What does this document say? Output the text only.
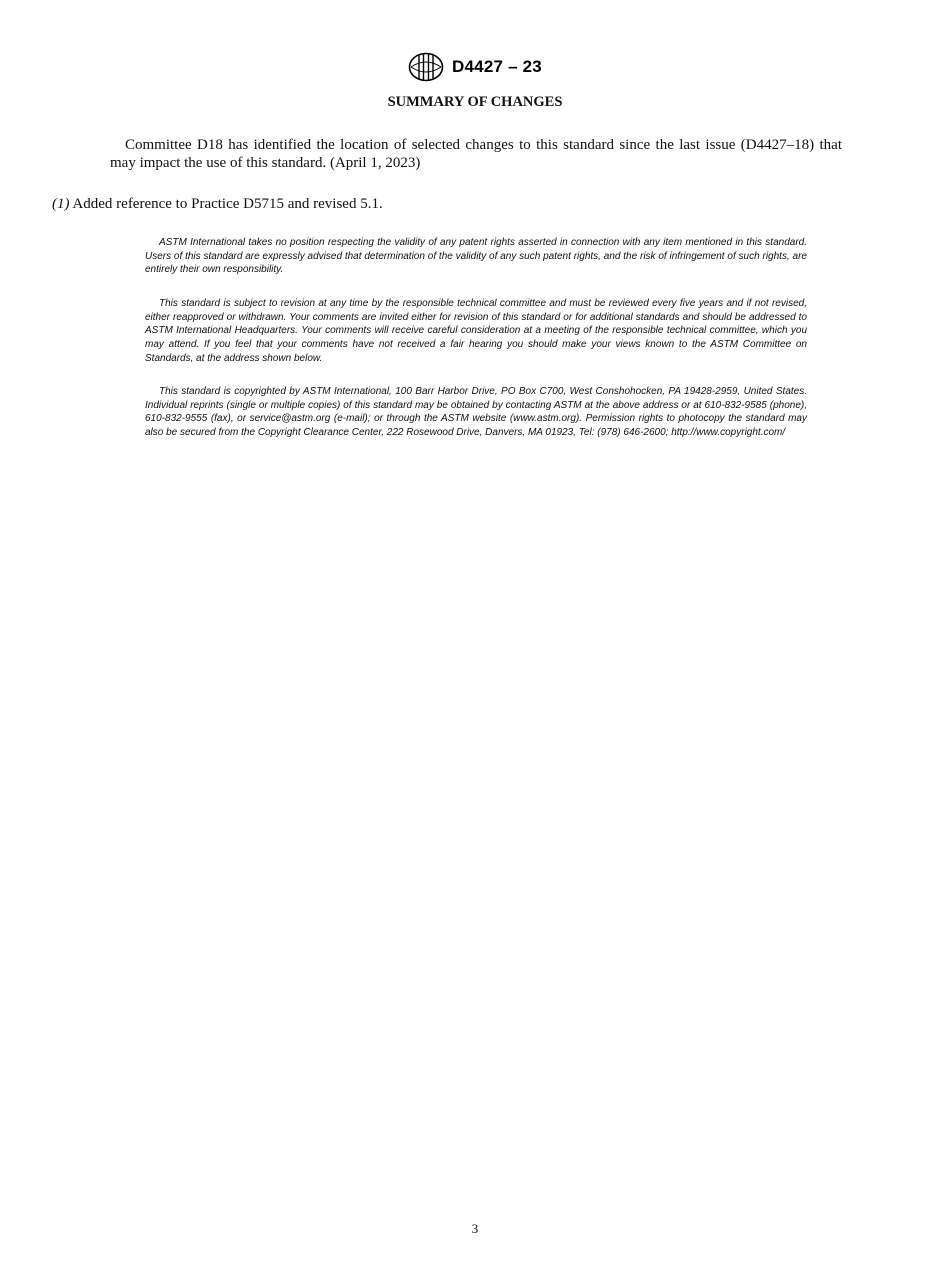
D4427 – 23
SUMMARY OF CHANGES

Committee D18 has identified the location of selected changes to this standard since the last issue (D4427–18) that may impact the use of this standard. (April 1, 2023)

(1) Added reference to Practice D5715 and revised 5.1.

ASTM International takes no position respecting the validity of any patent rights asserted in connection with any item mentioned in this standard. Users of this standard are expressly advised that determination of the validity of any such patent rights, and the risk of infringement of such rights, are entirely their own responsibility.

This standard is subject to revision at any time by the responsible technical committee and must be reviewed every five years and if not revised, either reapproved or withdrawn. Your comments are invited either for revision of this standard or for additional standards and should be addressed to ASTM International Headquarters. Your comments will receive careful consideration at a meeting of the responsible technical committee, which you may attend. If you feel that your comments have not received a fair hearing you should make your views known to the ASTM Committee on Standards, at the address shown below.

This standard is copyrighted by ASTM International, 100 Barr Harbor Drive, PO Box C700, West Conshohocken, PA 19428-2959, United States. Individual reprints (single or multiple copies) of this standard may be obtained by contacting ASTM at the above address or at 610-832-9585 (phone), 610-832-9555 (fax), or service@astm.org (e-mail); or through the ASTM website (www.astm.org). Permission rights to photocopy the standard may also be secured from the Copyright Clearance Center, 222 Rosewood Drive, Danvers, MA 01923, Tel: (978) 646-2600; http://www.copyright.com/

3
